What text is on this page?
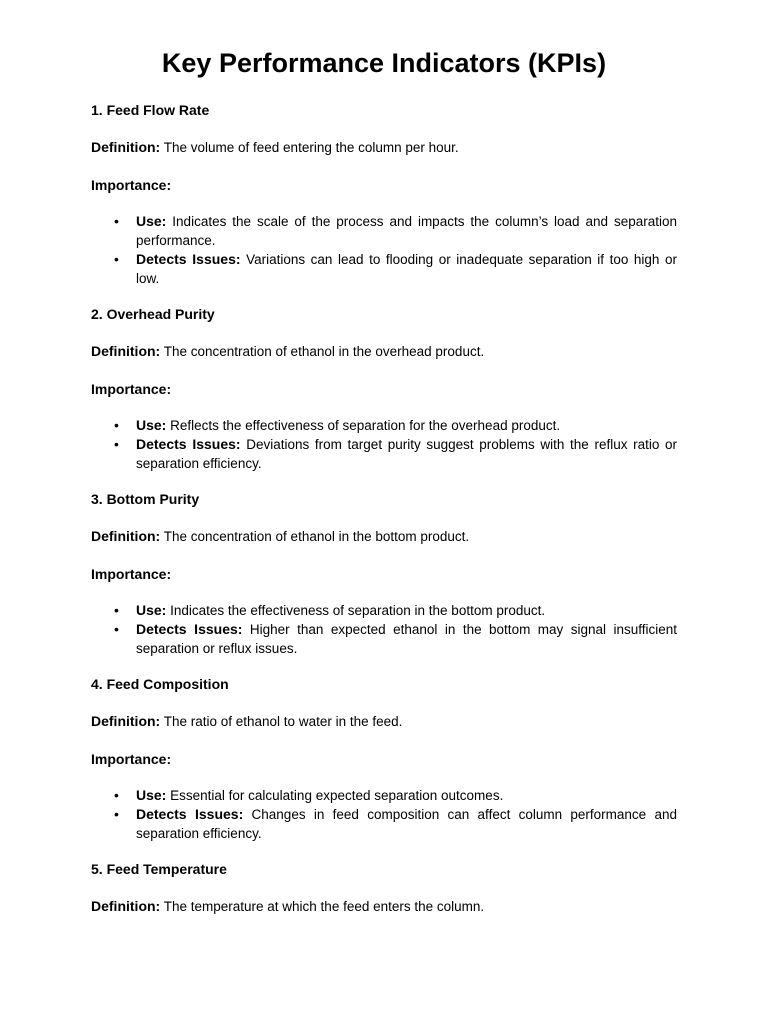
Key Performance Indicators (KPIs)
1. Feed Flow Rate

Definition: The volume of feed entering the column per hour.

Importance:
• Use: Indicates the scale of the process and impacts the column’s load and separation performance.
• Detects Issues: Variations can lead to flooding or inadequate separation if too high or low.
2. Overhead Purity

Definition: The concentration of ethanol in the overhead product.

Importance:
• Use: Reflects the effectiveness of separation for the overhead product.
• Detects Issues: Deviations from target purity suggest problems with the reflux ratio or separation efficiency.
3. Bottom Purity

Definition: The concentration of ethanol in the bottom product.

Importance:
• Use: Indicates the effectiveness of separation in the bottom product.
• Detects Issues: Higher than expected ethanol in the bottom may signal insufficient separation or reflux issues.
4. Feed Composition

Definition: The ratio of ethanol to water in the feed.

Importance:
• Use: Essential for calculating expected separation outcomes.
• Detects Issues: Changes in feed composition can affect column performance and separation efficiency.
5. Feed Temperature

Definition: The temperature at which the feed enters the column.
